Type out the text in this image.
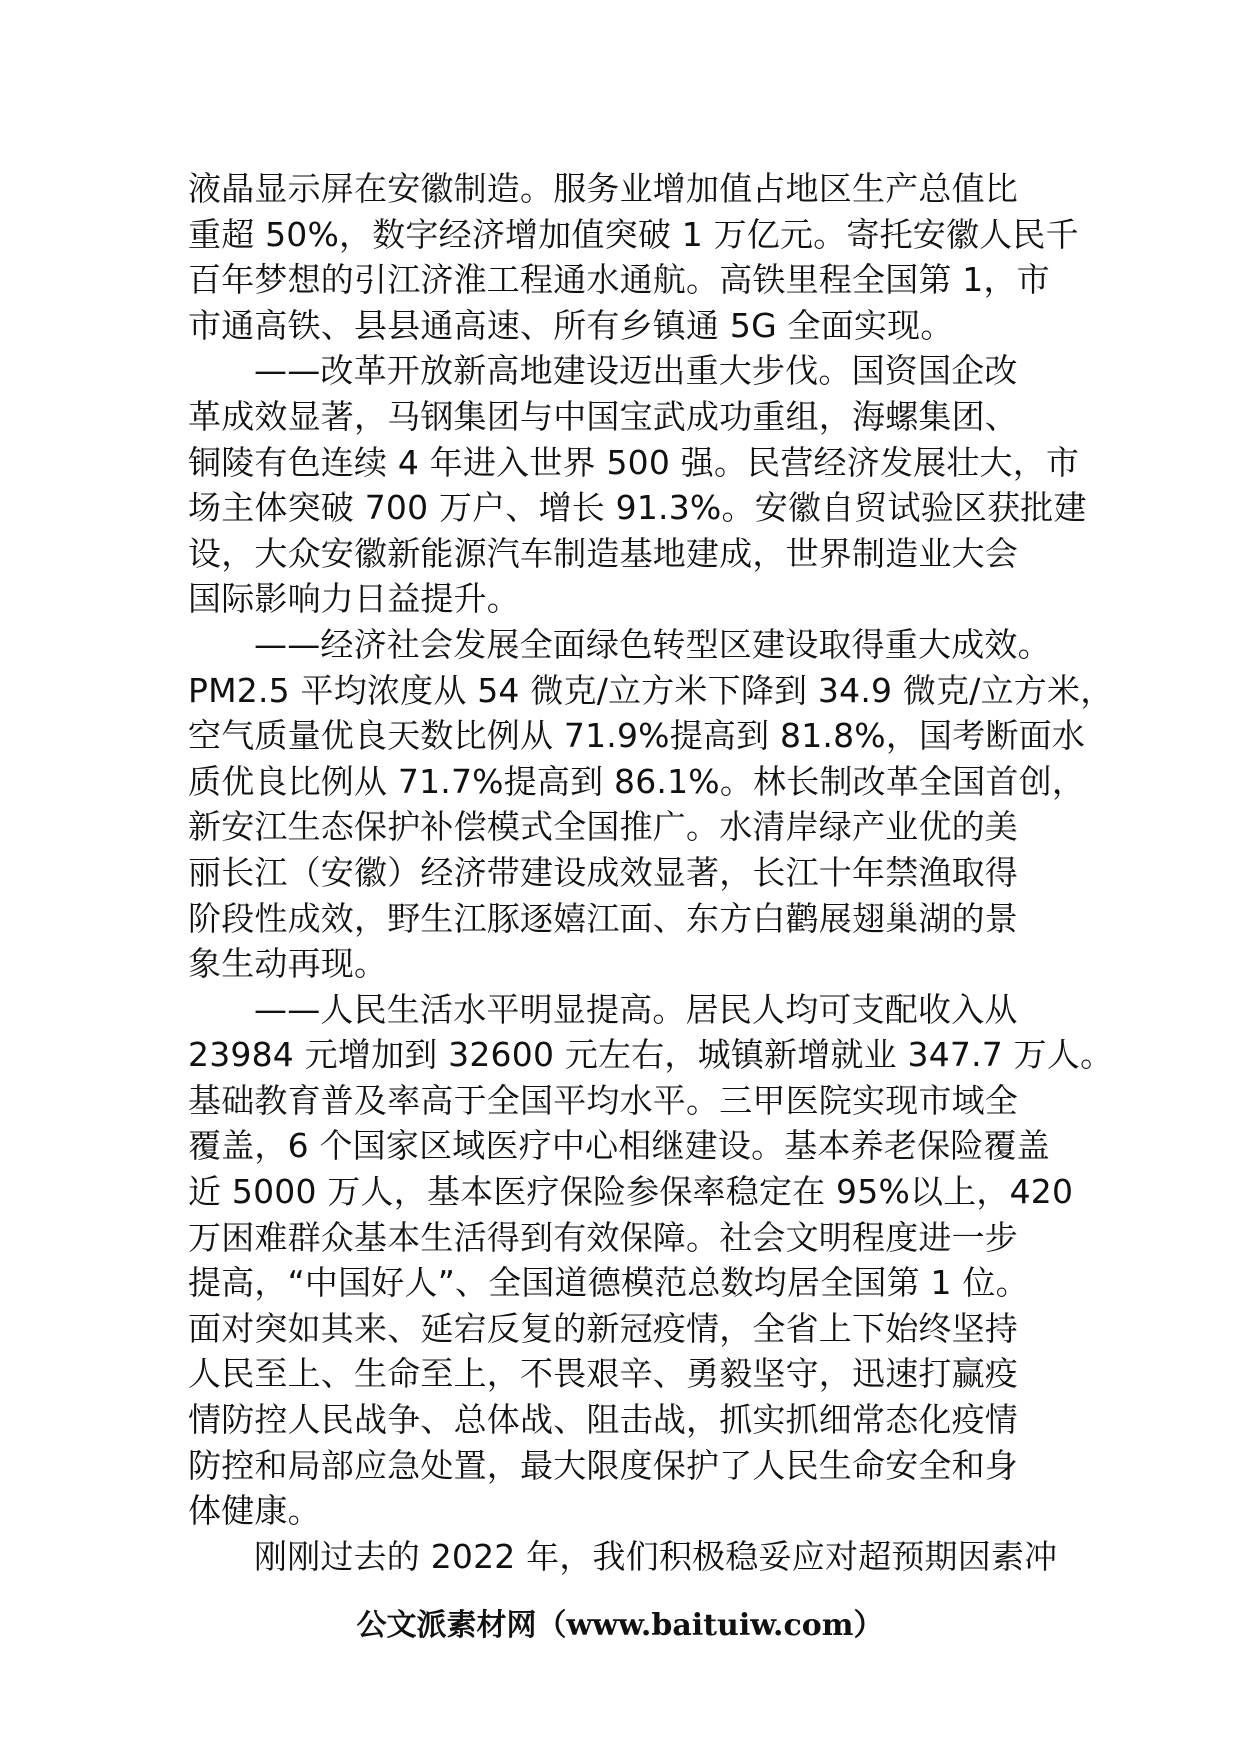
液晶显示屏在安徽制造。服务业增加值占地区生产总值比
重超 50%，数字经济增加值突破 1 万亿元。寄托安徽人民千
百年梦想的引江济淮工程通水通航。高铁里程全国第 1，市
市通高铁、县县通高速、所有乡镇通 5G 全面实现。
——改革开放新高地建设迈出重大步伐。国资国企改
革成效显著，马钢集团与中国宝武成功重组，海螺集团、
铜陵有色连续 4 年进入世界 500 强。民营经济发展壮大，市
场主体突破 700 万户、增长 91.3%。安徽自贸试验区获批建
设，大众安徽新能源汽车制造基地建成，世界制造业大会
国际影响力日益提升。
——经济社会发展全面绿色转型区建设取得重大成效。
PM2.5 平均浓度从 54 微克/立方米下降到 34.9 微克/立方米，
空气质量优良天数比例从 71.9%提高到 81.8%，国考断面水
质优良比例从 71.7%提高到 86.1%。林长制改革全国首创，
新安江生态保护补偿模式全国推广。水清岸绿产业优的美
丽长江（安徽）经济带建设成效显著，长江十年禁渔取得
阶段性成效，野生江豚逐嬉江面、东方白鹳展翅巢湖的景
象生动再现。
——人民生活水平明显提高。居民人均可支配收入从
23984 元增加到 32600 元左右，城镇新增就业 347.7 万人。
基础教育普及率高于全国平均水平。三甲医院实现市域全
覆盖，6 个国家区域医疗中心相继建设。基本养老保险覆盖
近 5000 万人，基本医疗保险参保率稳定在 95%以上，420
万困难群众基本生活得到有效保障。社会文明程度进一步
提高，“中国好人”、全国道德模范总数均居全国第 1 位。
面对突如其来、延宕反复的新冠疫情，全省上下始终坚持
人民至上、生命至上，不畏艰辛、勇毅坚守，迅速打赢疫
情防控人民战争、总体战、阻击战，抓实抓细常态化疫情
防控和局部应急处置，最大限度保护了人民生命安全和身
体健康。
刚刚过去的 2022 年，我们积极稳妥应对超预期因素冲
公文派素材网（www.baituiw.com）
